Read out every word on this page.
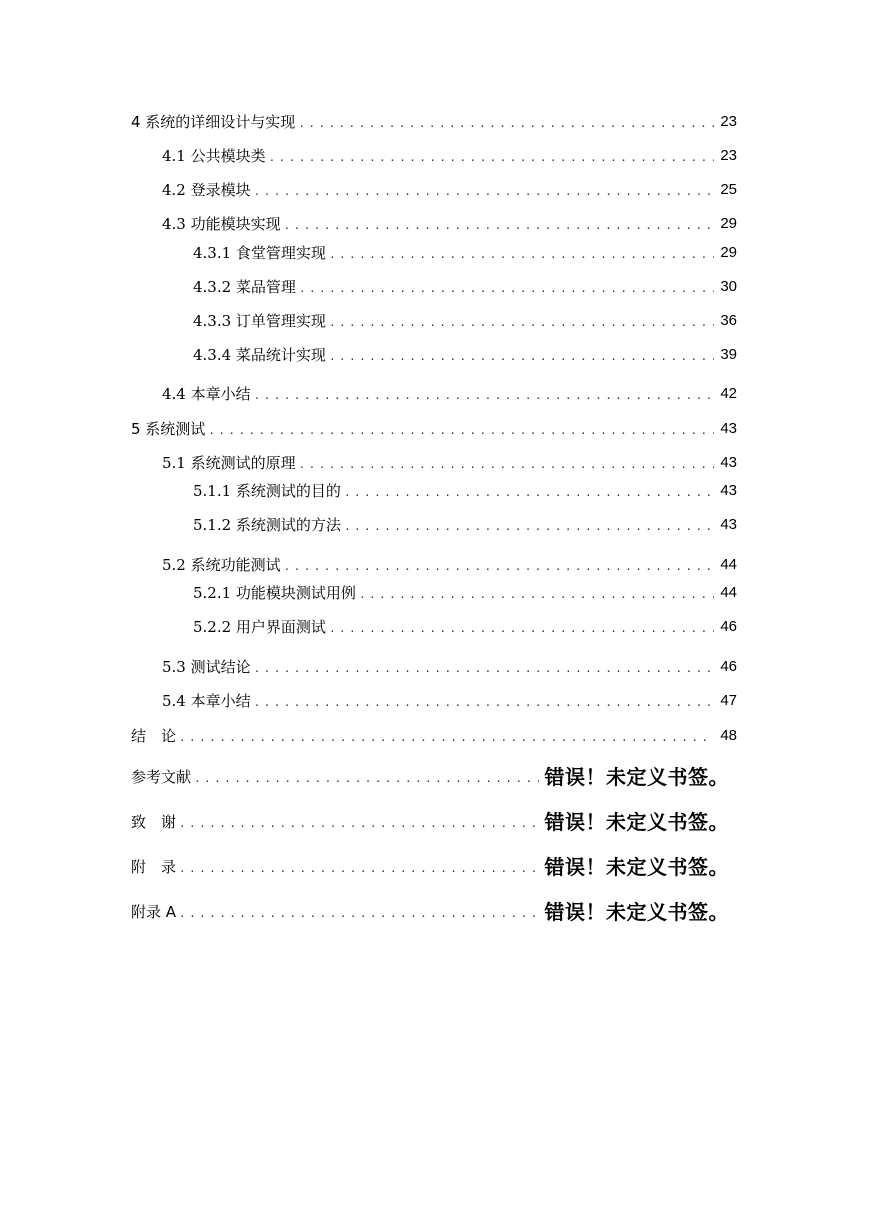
4 系统的详细设计与实现 . . .	23
4.1 公共模块类 . . .	23
4.2 登录模块 . . .	25
4.3 功能模块实现 . . .	29
4.3.1 食堂管理实现 . . .	29
4.3.2 菜品管理 . . .	30
4.3.3 订单管理实现 . . .	36
4.3.4 菜品统计实现 . . .	39
4.4 本章小结 . . .	42
5 系统测试 . . .	43
5.1 系统测试的原理 . . .	43
5.1.1 系统测试的目的 . . .	43
5.1.2 系统测试的方法 . . .	43
5.2 系统功能测试 . . .	44
5.2.1 功能模块测试用例 . . .	44
5.2.2 用户界面测试 . . .	46
5.3 测试结论 . . .	46
5.4 本章小结 . . .	47
结　论 . . .	48
参考文献 . . .	错误！未定义书签。
致　谢 . . .	错误！未定义书签。
附　录 . . .	错误！未定义书签。
附录 A . . .	错误！未定义书签。
